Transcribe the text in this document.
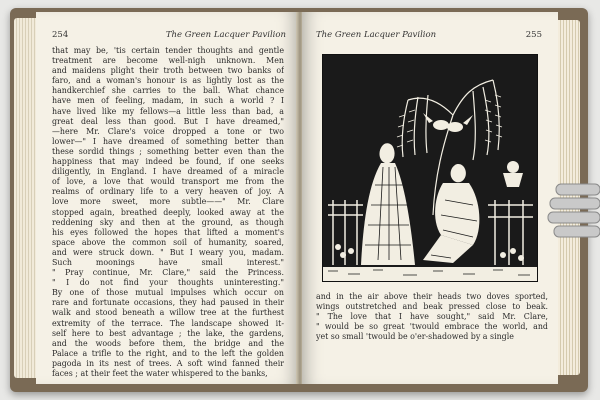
254	The Green Lacquer Pavilion
that may be, 'tis certain tender thoughts and gentle
treatment are become well-nigh unknown. Men
and maidens plight their troth between two banks of
faro, and a woman's honour is as lightly lost as the
handkerchief she carries to the ball. What chance
have men of feeling, madam, in such a world ? I
have lived like my fellows—a little less than bad, a
great deal less than good. But I have dreamed,"
—here Mr. Clare's voice dropped a tone or two
lower—" I have dreamed of something better than
these sordid things ; something better even than the
happiness that may indeed be found, if one seeks
diligently, in England. I have dreamed of a miracle
of love, a love that would transport me from the
realms of ordinary life to a very heaven of joy. A
love more sweet, more subtle——" Mr. Clare
stopped again, breathed deeply, looked away at the
reddening sky and then at the ground, as though
his eyes followed the hopes that lifted a moment's
space above the common soil of humanity, soared,
and were struck down. " But I weary you, madam.
Such moonings have small interest."
" Pray continue, Mr. Clare," said the Princess.
" I do not find your thoughts uninteresting."
By one of those mutual impulses which occur on
rare and fortunate occasions, they had paused in their
walk and stood beneath a willow tree at the furthest
extremity of the terrace. The landscape showed it-
self here to best advantage ; the lake, the gardens,
and the woods before them, the bridge and the
Palace a trifle to the right, and to the left the golden
pagoda in its nest of trees. A soft wind fanned their
faces ; at their feet the water whispered to the banks,
The Green Lacquer Pavilion	255
and in the air above their heads two doves sported,
wings outstretched and beak pressed close to beak.
" The love that I have sought," said Mr. Clare,
" would be so great 'twould embrace the world, and
yet so small 'twould be o'er-shadowed by a single
